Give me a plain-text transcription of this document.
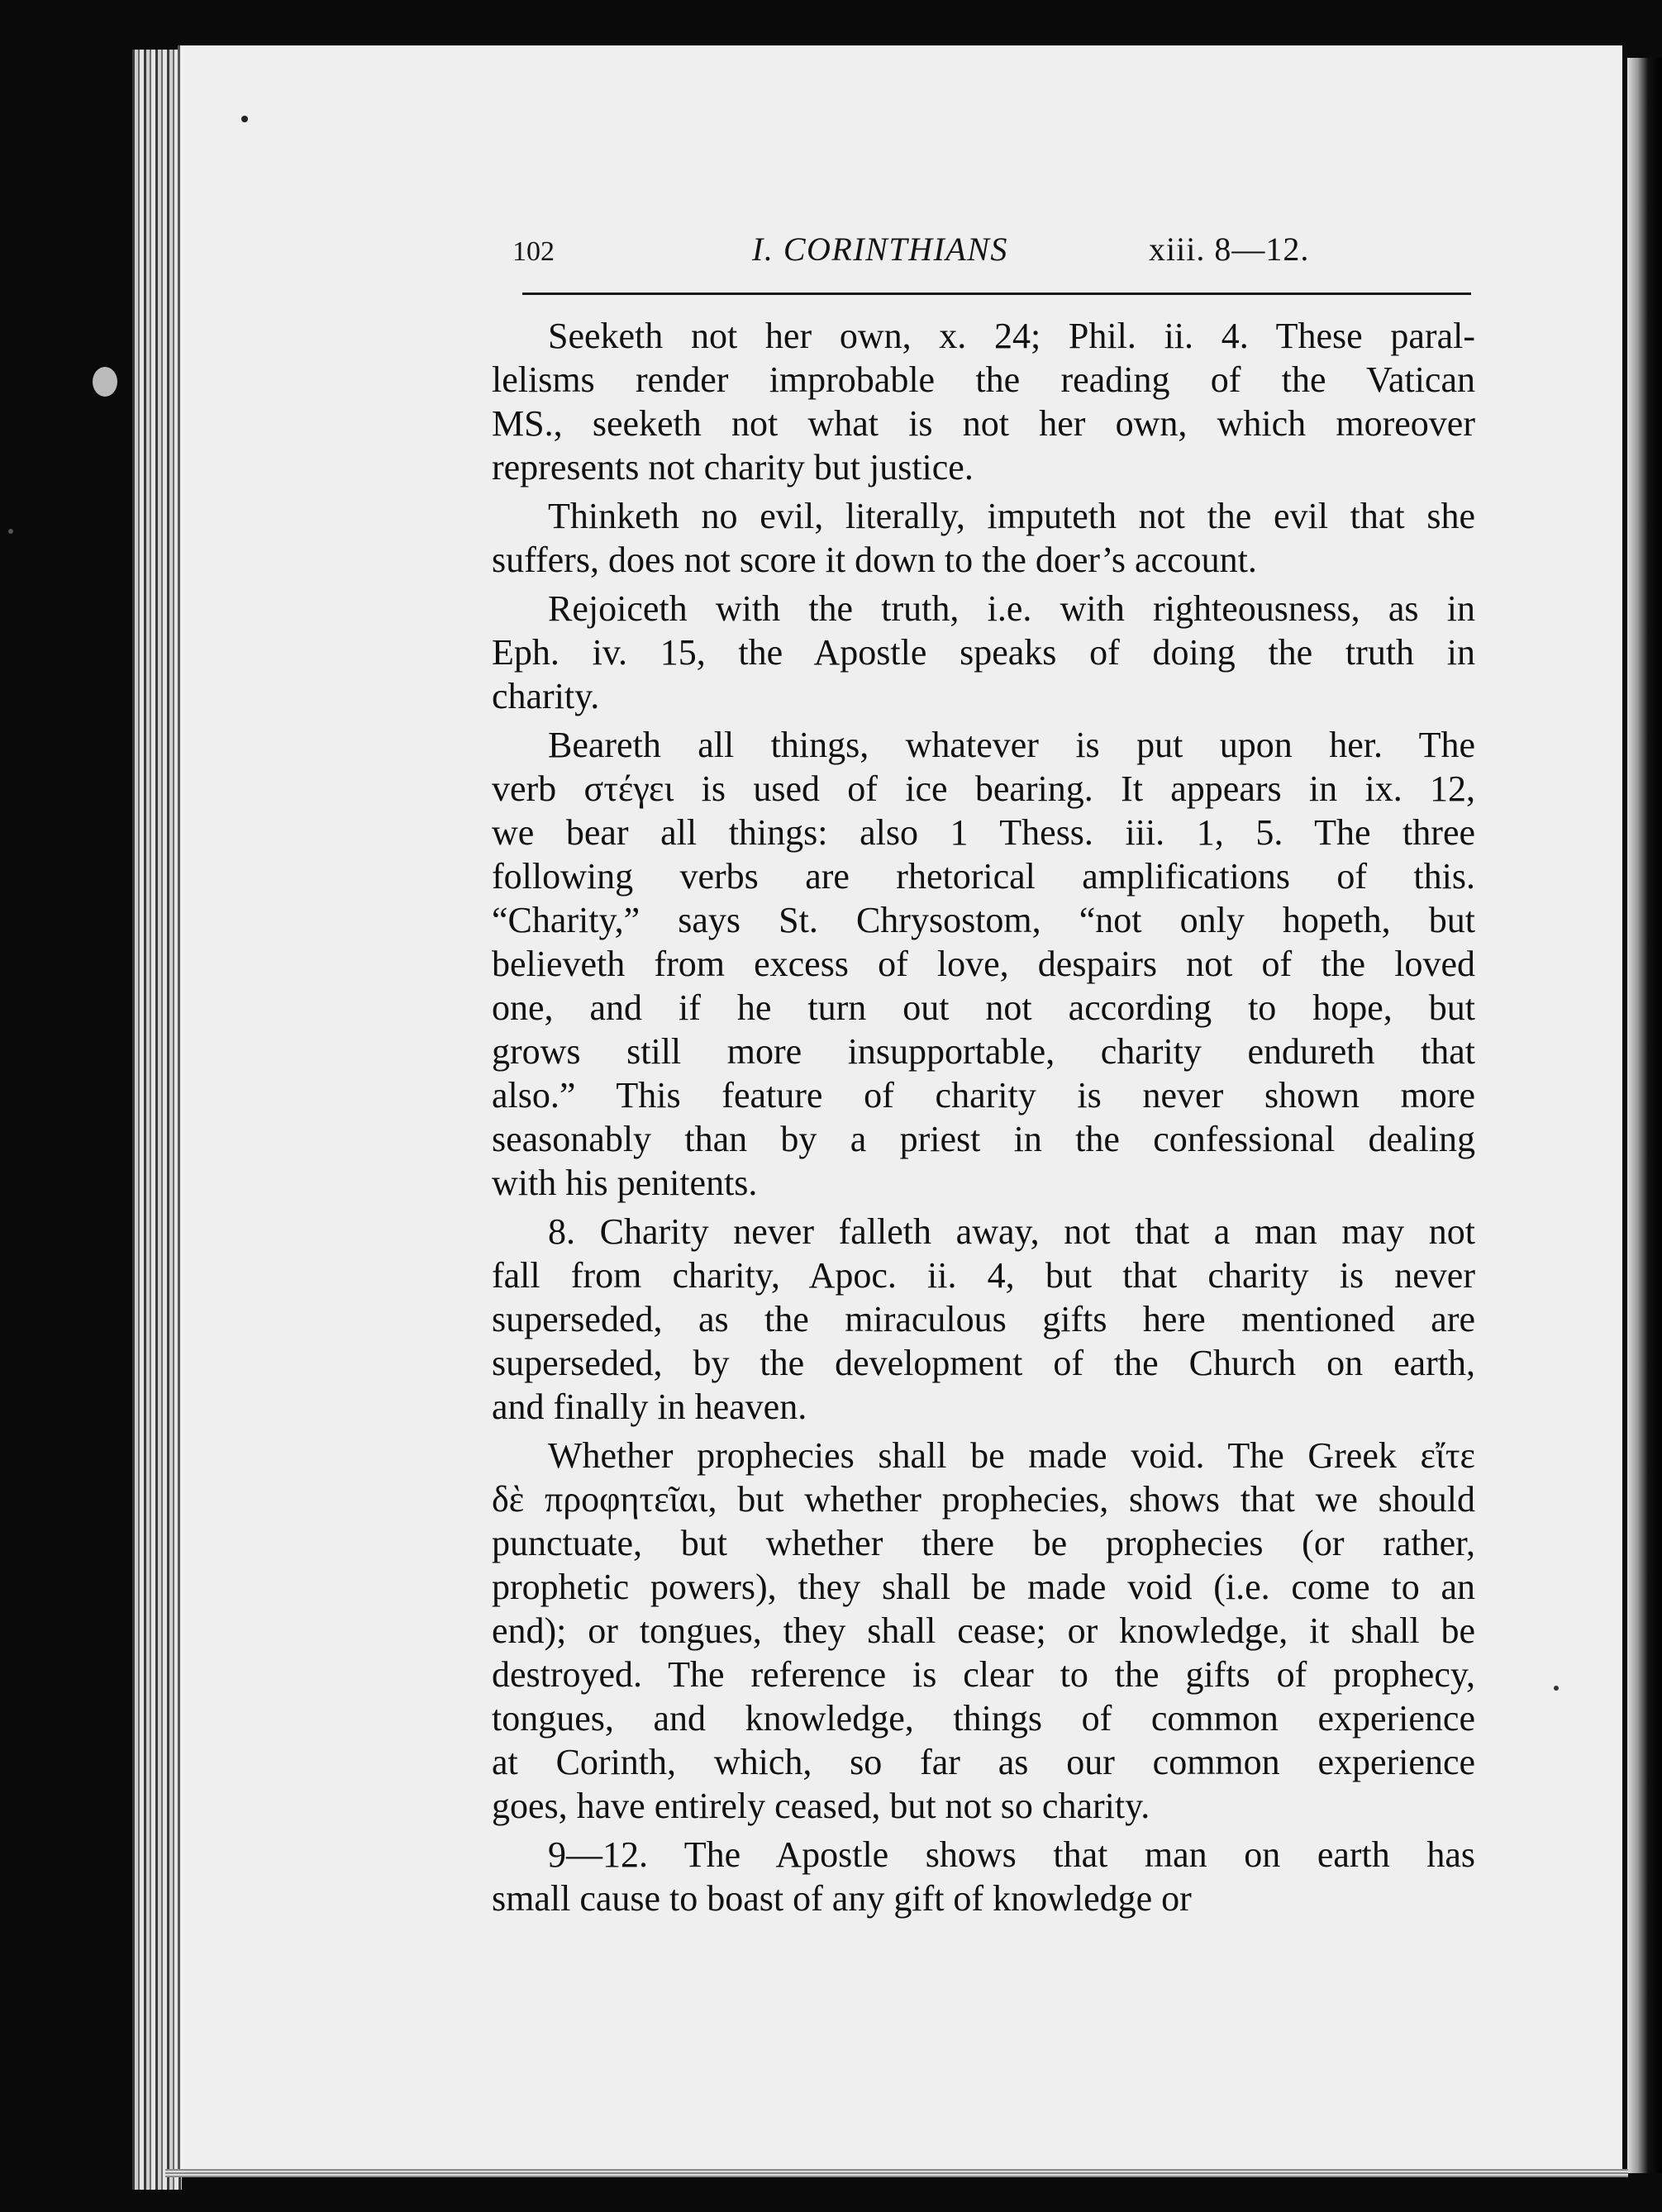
102	I. CORINTHIANS	xiii. 8—12.
Seeketh not her own, x. 24; Phil. ii. 4. These paral-
lelisms render improbable the reading of the Vatican
MS., seeketh not what is not her own, which moreover
represents not charity but justice.
Thinketh no evil, literally, imputeth not the evil that she
suffers, does not score it down to the doer’s account.
Rejoiceth with the truth, i.e. with righteousness, as in
Eph. iv. 15, the Apostle speaks of doing the truth in
charity.
Beareth all things, whatever is put upon her. The
verb στέγει is used of ice bearing. It appears in ix. 12,
we bear all things: also 1 Thess. iii. 1, 5. The three
following verbs are rhetorical amplifications of this.
“Charity,” says St. Chrysostom, “not only hopeth, but
believeth from excess of love, despairs not of the loved
one, and if he turn out not according to hope, but
grows still more insupportable, charity endureth that
also.” This feature of charity is never shown more
seasonably than by a priest in the confessional dealing
with his penitents.
8. Charity never falleth away, not that a man may not
fall from charity, Apoc. ii. 4, but that charity is never
superseded, as the miraculous gifts here mentioned are
superseded, by the development of the Church on earth,
and finally in heaven.
Whether prophecies shall be made void. The Greek εἴτε
δὲ προφητεῖαι, but whether prophecies, shows that we should
punctuate, but whether there be prophecies (or rather,
prophetic powers), they shall be made void (i.e. come to an
end); or tongues, they shall cease; or knowledge, it shall be
destroyed. The reference is clear to the gifts of prophecy,
tongues, and knowledge, things of common experience
at Corinth, which, so far as our common experience
goes, have entirely ceased, but not so charity.
9—12. The Apostle shows that man on earth has
small cause to boast of any gift of knowledge or
